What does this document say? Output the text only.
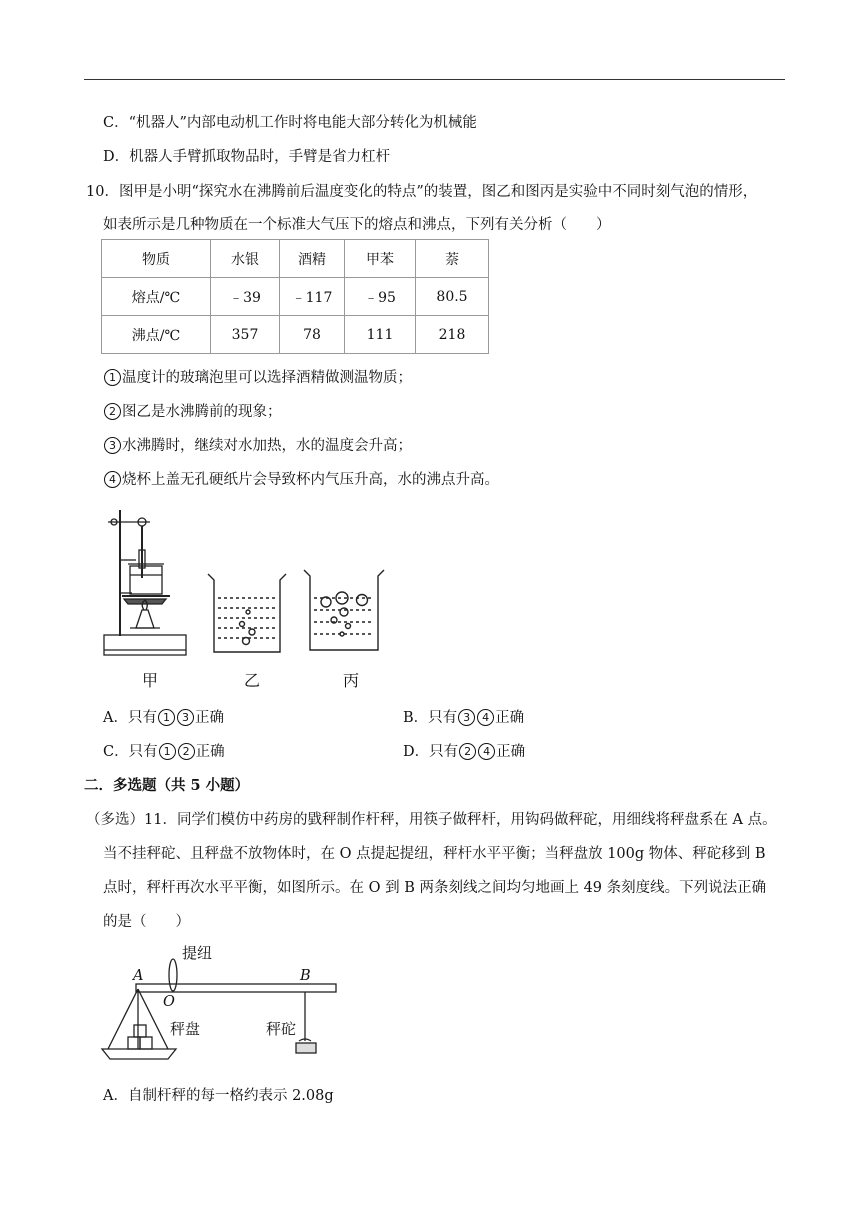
C．“机器人”内部电动机工作时将电能大部分转化为机械能
D．机器人手臂抓取物品时，手臂是省力杠杆
10．图甲是小明“探究水在沸腾前后温度变化的特点”的装置，图乙和图丙是实验中不同时刻气泡的情形，
如表所示是几种物质在一个标准大气压下的熔点和沸点，下列有关分析（　　）
物质	水银	酒精	甲苯	萘
熔点/℃	﹣39	﹣117	﹣95	80.5
沸点/℃	357	78	111	218
1 温度计的玻璃泡里可以选择酒精做测温物质；
2 图乙是水沸腾前的现象；
3 水沸腾时，继续对水加热，水的温度会升高；
4 烧杯上盖无孔硬纸片会导致杯内气压升高，水的沸点升高。
甲	乙	丙
A．只有 1 3 正确	B．只有 3 4 正确
C．只有 1 2 正确	D．只有 2 4 正确
二．多选题（共 5 小题）
（多选）11．同学们模仿中药房的戥秤制作杆秤，用筷子做秤杆，用钩码做秤砣，用细线将秤盘系在 A 点。
当不挂秤砣、且秤盘不放物体时，在 O 点提起提纽，秤杆水平平衡；当秤盘放 100g 物体、秤砣移到 B
点时，秤杆再次水平平衡，如图所示。在 O 到 B 两条刻线之间均匀地画上 49 条刻度线。下列说法正确
的是（　　）
提纽
A
O
B
秤盘	秤砣
A．自制杆秤的每一格约表示 2.08g
